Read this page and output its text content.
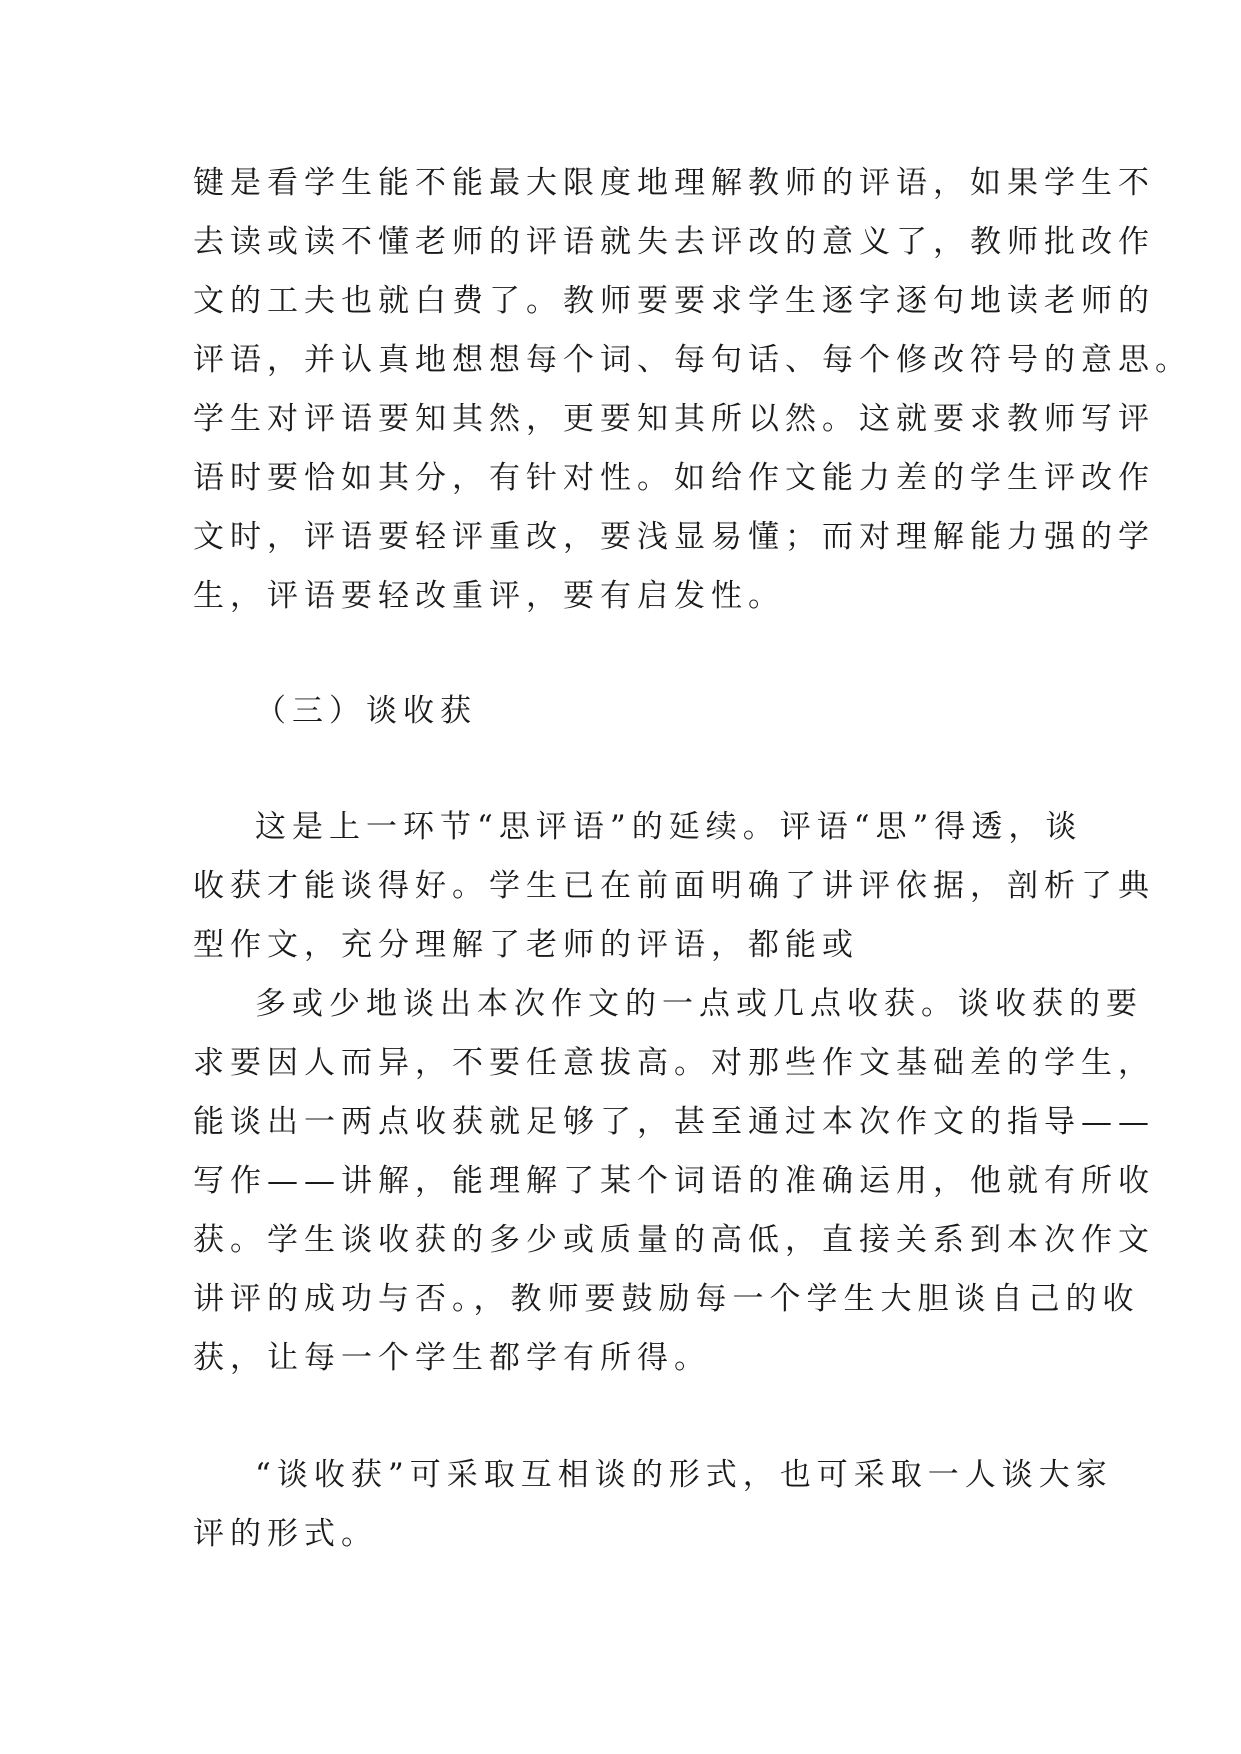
键是看学生能不能最大限度地理解教师的评语，如果学生不
去读或读不懂老师的评语就失去评改的意义了，教师批改作
文的工夫也就白费了。教师要要求学生逐字逐句地读老师的
评语，并认真地想想每个词、每句话、每个修改符号的意思。
学生对评语要知其然，更要知其所以然。这就要求教师写评
语时要恰如其分，有针对性。如给作文能力差的学生评改作
文时，评语要轻评重改，要浅显易懂；而对理解能力强的学
生，评语要轻改重评，要有启发性。
（三）谈收获
这是上一环节“思评语”的延续。评语“思”得透，谈
收获才能谈得好。学生已在前面明确了讲评依据，剖析了典
型作文，充分理解了老师的评语，都能或
多或少地谈出本次作文的一点或几点收获。谈收获的要
求要因人而异，不要任意拔高。对那些作文基础差的学生，
能谈出一两点收获就足够了，甚至通过本次作文的指导——
写作——讲解，能理解了某个词语的准确运用，他就有所收
获。学生谈收获的多少或质量的高低，直接关系到本次作文
讲评的成功与否。，教师要鼓励每一个学生大胆谈自己的收
获，让每一个学生都学有所得。
“谈收获”可采取互相谈的形式，也可采取一人谈大家
评的形式。
